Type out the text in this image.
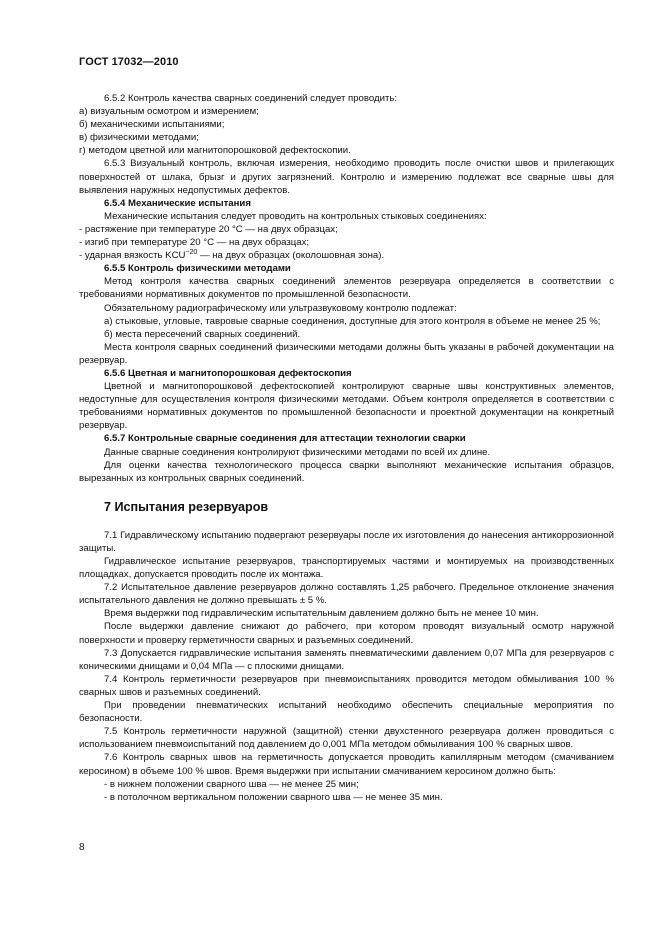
ГОСТ 17032—2010

6.5.2 Контроль качества сварных соединений следует проводить:

а) визуальным осмотром и измерением;

б) механическими испытаниями;

в) физическими методами;

г) методом цветной или магнитопорошковой дефектоскопии.

6.5.3 Визуальный контроль, включая измерения, необходимо проводить после очистки швов и прилегающих поверхностей от шлака, брызг и других загрязнений. Контролю и измерению подлежат все сварные швы для выявления наружных недопустимых дефектов.

6.5.4 Механические испытания

Механические испытания следует проводить на контрольных стыковых соединениях:

- растяжение при температуре 20 °С — на двух образцах;

- изгиб при температуре 20 °С — на двух образцах;

- ударная вязкость $KCU^{-20}$ — на двух образцах (околошовная зона).

6.5.5 Контроль физическими методами

Метод контроля качества сварных соединений элементов резервуара определяется в соответствии с требованиями нормативных документов по промышленной безопасности.

Обязательному радиографическому или ультразвуковому контролю подлежат:

а) стыковые, угловые, тавровые сварные соединения, доступные для этого контроля в объеме не менее 25 %;

б) места пересечений сварных соединений.

Места контроля сварных соединений физическими методами должны быть указаны в рабочей документации на резервуар.

6.5.6 Цветная и магнитопорошковая дефектоскопия

Цветной и магнитопорошковой дефектоскопией контролируют сварные швы конструктивных элементов, недоступные для осуществления контроля физическими методами. Объем контроля определяется в соответствии с требованиями нормативных документов по промышленной безопасности и проектной документации на конкретный резервуар.

6.5.7 Контрольные сварные соединения для аттестации технологии сварки

Данные сварные соединения контролируют физическими методами по всей их длине.

Для оценки качества технологического процесса сварки выполняют механические испытания образцов, вырезанных из контрольных сварных соединений.

7 Испытания резервуаров

7.1 Гидравлическому испытанию подвергают резервуары после их изготовления до нанесения антикоррозионной защиты.

Гидравлическое испытание резервуаров, транспортируемых частями и монтируемых на производственных площадках, допускается проводить после их монтажа.

7.2 Испытательное давление резервуаров должно составлять 1,25 рабочего. Предельное отклонение значения испытательного давления не должно превышать ± 5 %.

Время выдержки под гидравлическим испытательным давлением должно быть не менее 10 мин.

После выдержки давление снижают до рабочего, при котором проводят визуальный осмотр наружной поверхности и проверку герметичности сварных и разъемных соединений.

7.3 Допускается гидравлические испытания заменять пневматическими давлением 0,07 МПа для резервуаров с коническими днищами и 0,04 МПа — с плоскими днищами.

7.4 Контроль герметичности резервуаров при пневмоиспытаниях проводится методом обмыливания 100 % сварных швов и разъемных соединений.

При проведении пневматических испытаний необходимо обеспечить специальные мероприятия по безопасности.

7.5 Контроль герметичности наружной (защитной) стенки двухстенного резервуара должен проводиться с использованием пневмоиспытаний под давлением до 0,001 МПа методом обмыливания 100 % сварных швов.

7.6 Контроль сварных швов на герметичность допускается проводить капиллярным методом (смачиванием керосином) в объеме 100 % швов. Время выдержки при испытании смачиванием керосином должно быть:

- в нижнем положении сварного шва — не менее 25 мин;

- в потолочном вертикальном положении сварного шва — не менее 35 мин.

8
